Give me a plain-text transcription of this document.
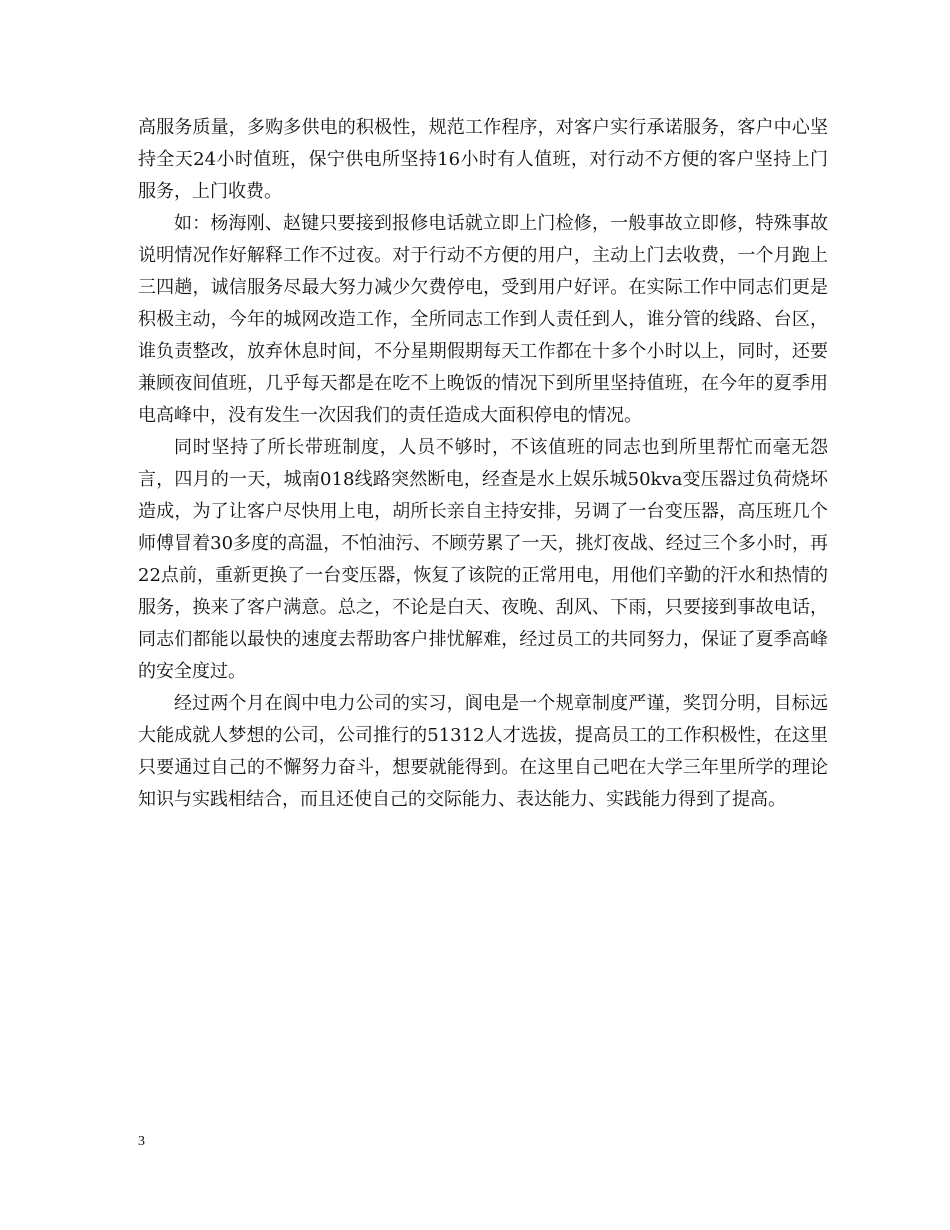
高服务质量，多购多供电的积极性，规范工作程序，对客户实行承诺服务，客户中心坚持全天24小时值班，保宁供电所坚持16小时有人值班，对行动不方便的客户坚持上门服务，上门收费。

如：杨海刚、赵键只要接到报修电话就立即上门检修，一般事故立即修，特殊事故说明情况作好解释工作不过夜。对于行动不方便的用户，主动上门去收费，一个月跑上三四趟，诚信服务尽最大努力减少欠费停电，受到用户好评。在实际工作中同志们更是积极主动，今年的城网改造工作，全所同志工作到人责任到人，谁分管的线路、台区，谁负责整改，放弃休息时间，不分星期假期每天工作都在十多个小时以上，同时，还要兼顾夜间值班，几乎每天都是在吃不上晚饭的情况下到所里坚持值班，在今年的夏季用电高峰中，没有发生一次因我们的责任造成大面积停电的情况。

同时坚持了所长带班制度，人员不够时，不该值班的同志也到所里帮忙而毫无怨言，四月的一天，城南018线路突然断电，经查是水上娱乐城50kva变压器过负荷烧坏造成，为了让客户尽快用上电，胡所长亲自主持安排，另调了一台变压器，高压班几个师傅冒着30多度的高温，不怕油污、不顾劳累了一天，挑灯夜战、经过三个多小时，再22点前，重新更换了一台变压器，恢复了该院的正常用电，用他们辛勤的汗水和热情的服务，换来了客户满意。总之，不论是白天、夜晚、刮风、下雨，只要接到事故电话，同志们都能以最快的速度去帮助客户排忧解难，经过员工的共同努力，保证了夏季高峰的安全度过。

经过两个月在阆中电力公司的实习，阆电是一个规章制度严谨，奖罚分明，目标远大能成就人梦想的公司，公司推行的51312人才选拔，提高员工的工作积极性，在这里只要通过自己的不懈努力奋斗，想要就能得到。在这里自己吧在大学三年里所学的理论知识与实践相结合，而且还使自己的交际能力、表达能力、实践能力得到了提高。

3
